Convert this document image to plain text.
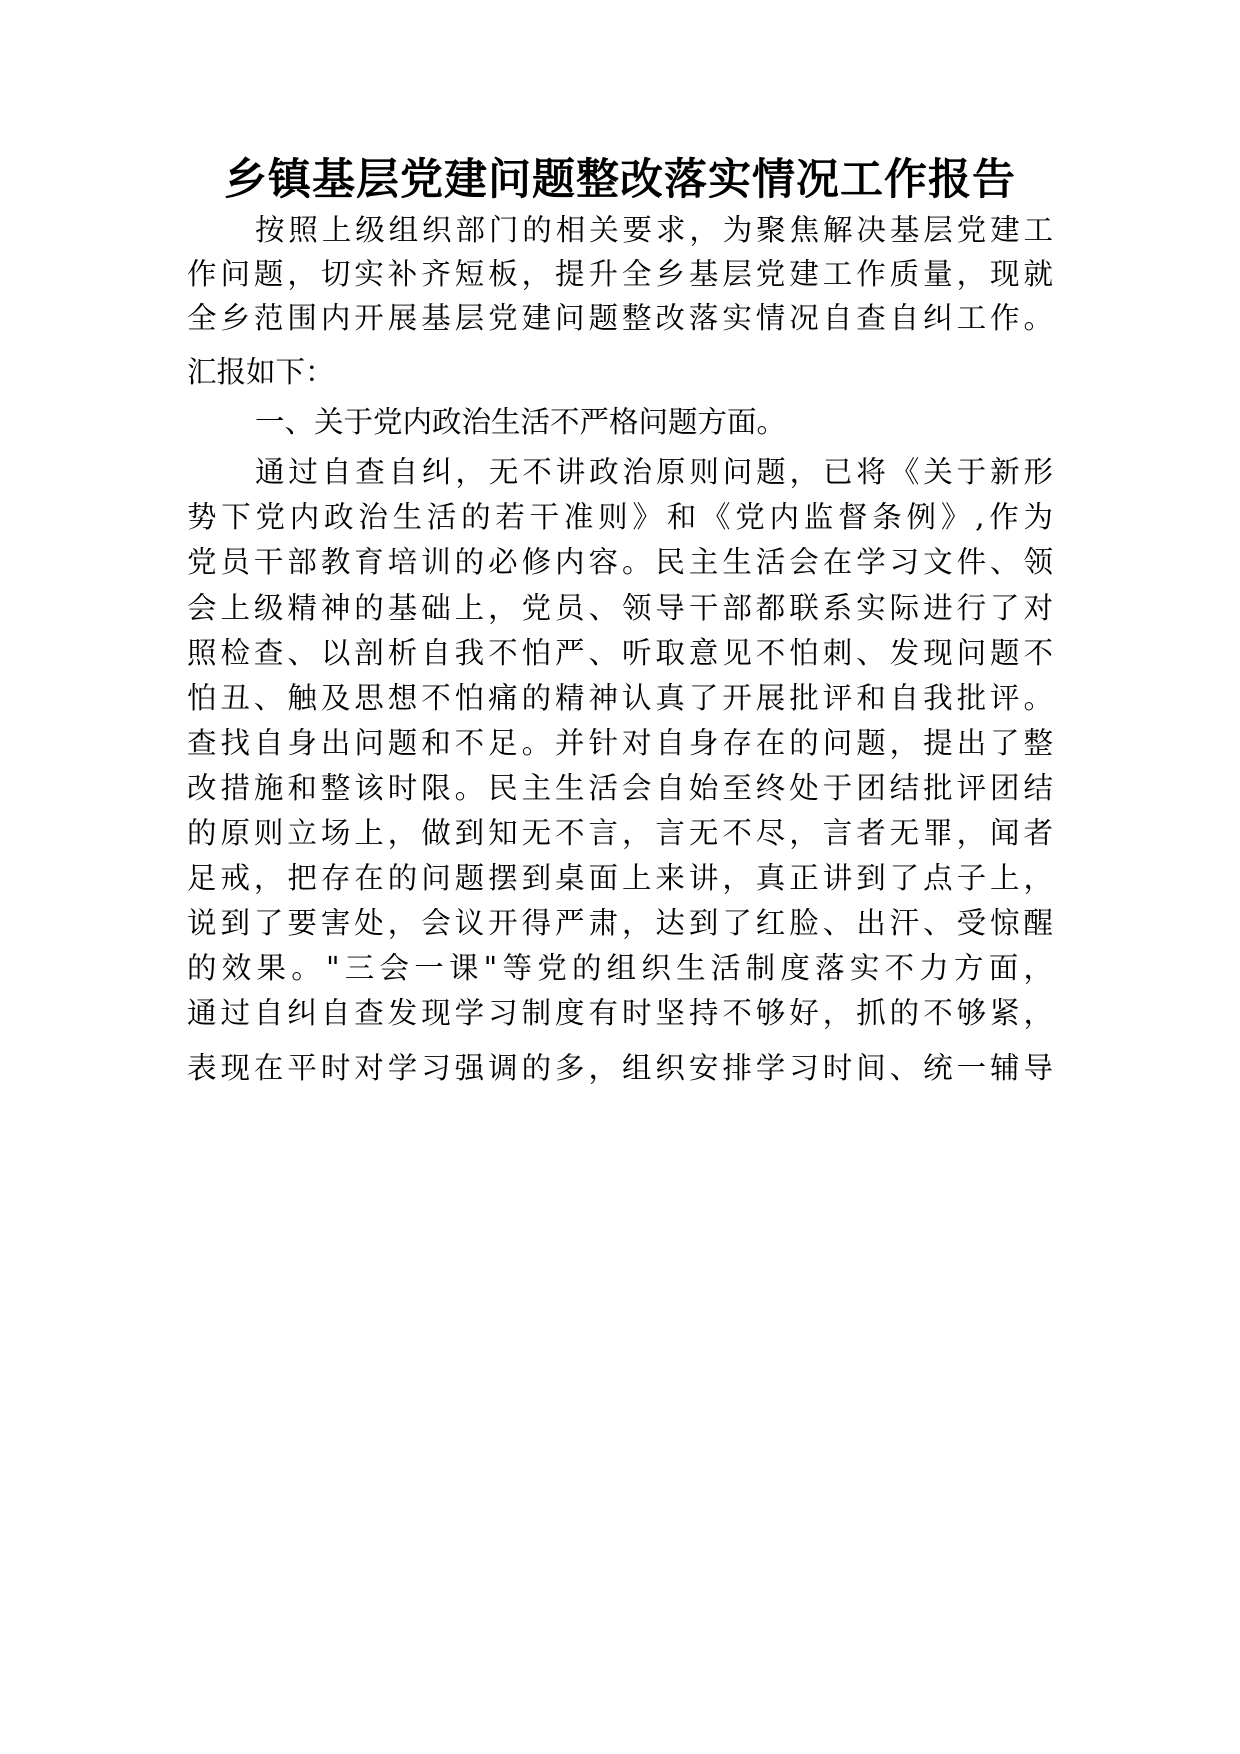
乡镇基层党建问题整改落实情况工作报告
按照上级组织部门的相关要求，为聚焦解决基层党建工
作问题，切实补齐短板，提升全乡基层党建工作质量，现就
全乡范围内开展基层党建问题整改落实情况自查自纠工作。
汇报如下：
一、关于党内政治生活不严格问题方面。
通过自查自纠，无不讲政治原则问题，已将《关于新形
势下党内政治生活的若干准则》和《党内监督条例》,作为
党员干部教育培训的必修内容。民主生活会在学习文件、领
会上级精神的基础上，党员、领导干部都联系实际进行了对
照检查、以剖析自我不怕严、听取意见不怕刺、发现问题不
怕丑、触及思想不怕痛的精神认真了开展批评和自我批评。
查找自身出问题和不足。并针对自身存在的问题，提出了整
改措施和整该时限。民主生活会自始至终处于团结批评团结
的原则立场上，做到知无不言，言无不尽，言者无罪，闻者
足戒，把存在的问题摆到桌面上来讲，真正讲到了点子上，
说到了要害处，会议开得严肃，达到了红脸、出汗、受惊醒
的效果。"三会一课"等党的组织生活制度落实不力方面，
通过自纠自查发现学习制度有时坚持不够好，抓的不够紧，
表现在平时对学习强调的多，组织安排学习时间、统一辅导
